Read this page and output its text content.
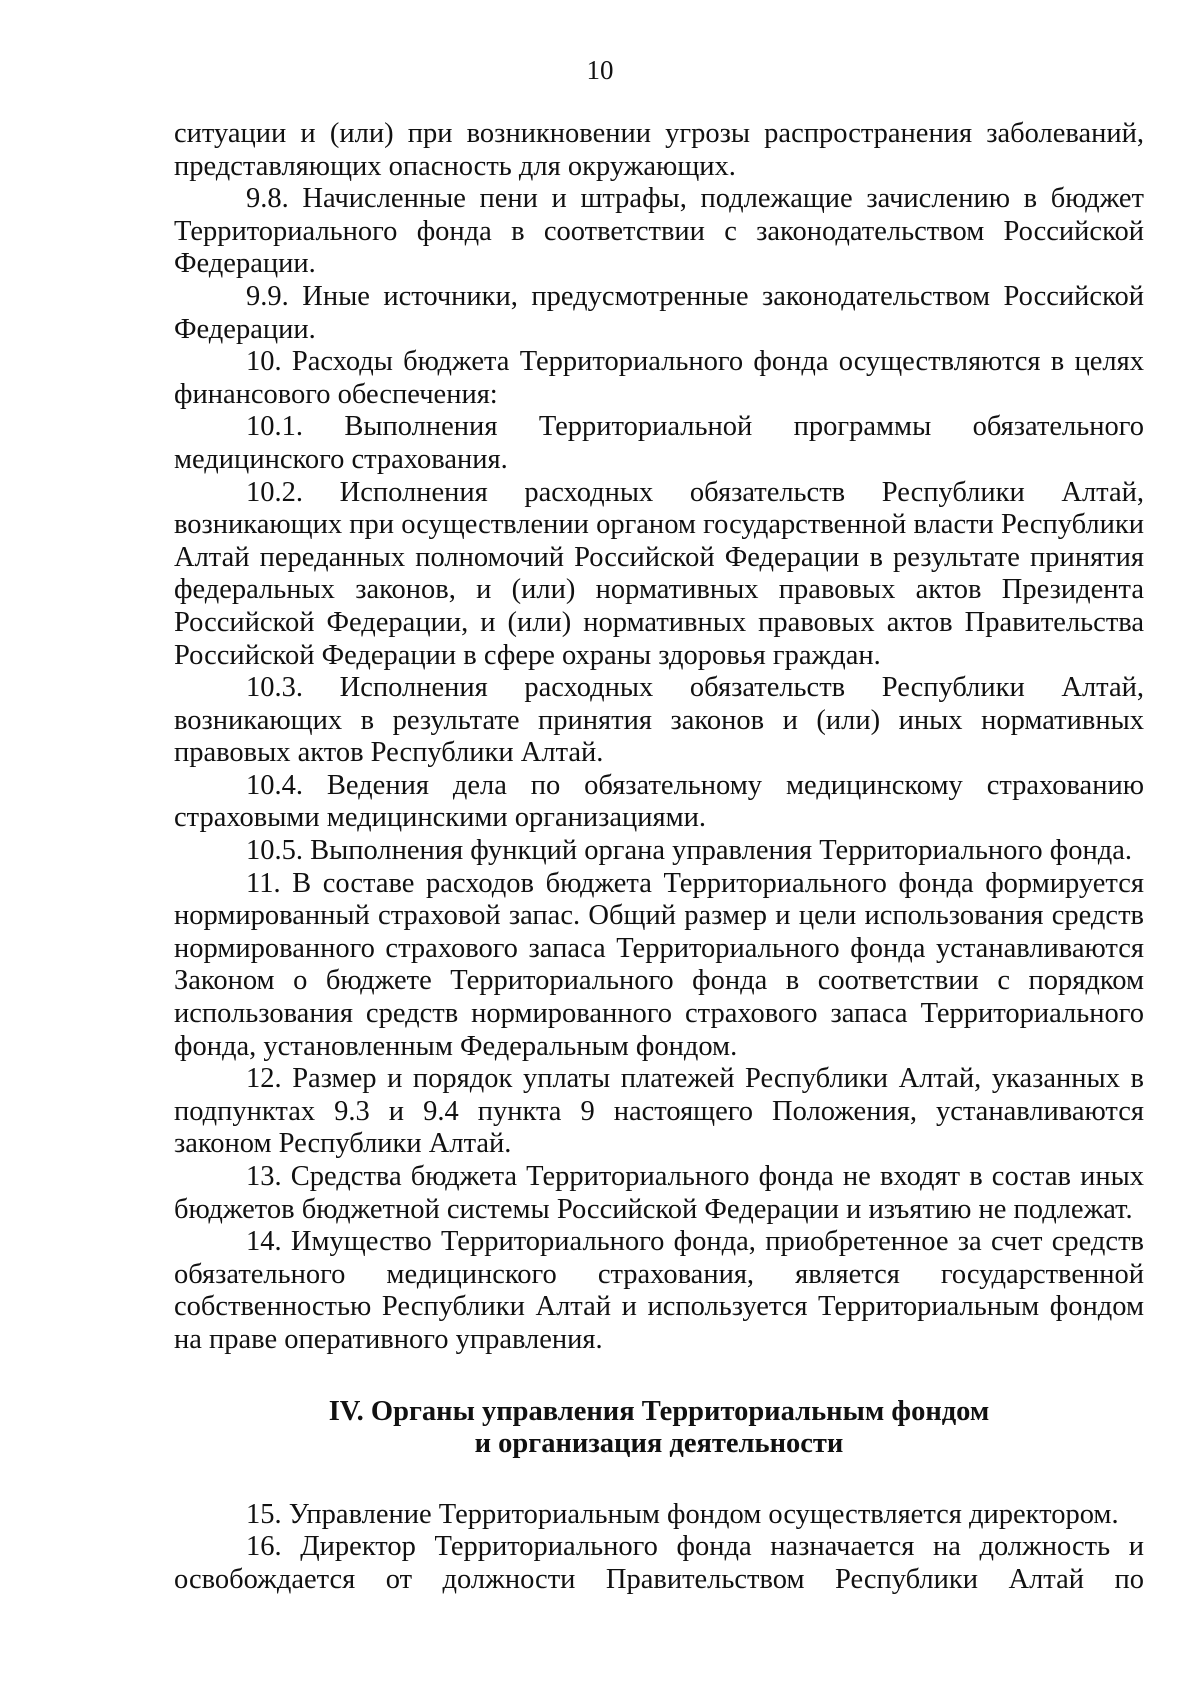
10

ситуации и (или) при возникновении угрозы распространения заболеваний, представляющих опасность для окружающих.

9.8. Начисленные пени и штрафы, подлежащие зачислению в бюджет Территориального фонда в соответствии с законодательством Российской Федерации.

9.9. Иные источники, предусмотренные законодательством Российской Федерации.

10. Расходы бюджета Территориального фонда осуществляются в целях финансового обеспечения:

10.1. Выполнения Территориальной программы обязательного медицинского страхования.

10.2. Исполнения расходных обязательств Республики Алтай, возникающих при осуществлении органом государственной власти Республики Алтай переданных полномочий Российской Федерации в результате принятия федеральных законов, и (или) нормативных правовых актов Президента Российской Федерации, и (или) нормативных правовых актов Правительства Российской Федерации в сфере охраны здоровья граждан.

10.3. Исполнения расходных обязательств Республики Алтай, возникающих в результате принятия законов и (или) иных нормативных правовых актов Республики Алтай.

10.4. Ведения дела по обязательному медицинскому страхованию страховыми медицинскими организациями.

10.5. Выполнения функций органа управления Территориального фонда.

11. В составе расходов бюджета Территориального фонда формируется нормированный страховой запас. Общий размер и цели использования средств нормированного страхового запаса Территориального фонда устанавливаются Законом о бюджете Территориального фонда в соответствии с порядком использования средств нормированного страхового запаса Территориального фонда, установленным Федеральным фондом.

12. Размер и порядок уплаты платежей Республики Алтай, указанных в подпунктах 9.3 и 9.4 пункта 9 настоящего Положения, устанавливаются законом Республики Алтай.

13. Средства бюджета Территориального фонда не входят в состав иных бюджетов бюджетной системы Российской Федерации и изъятию не подлежат.

14. Имущество Территориального фонда, приобретенное за счет средств обязательного медицинского страхования, является государственной собственностью Республики Алтай и используется Территориальным фондом на праве оперативного управления.

IV. Органы управления Территориальным фондом
и организация деятельности

15. Управление Территориальным фондом осуществляется директором.

16. Директор Территориального фонда назначается на должность и освобождается от должности Правительством Республики Алтай по
